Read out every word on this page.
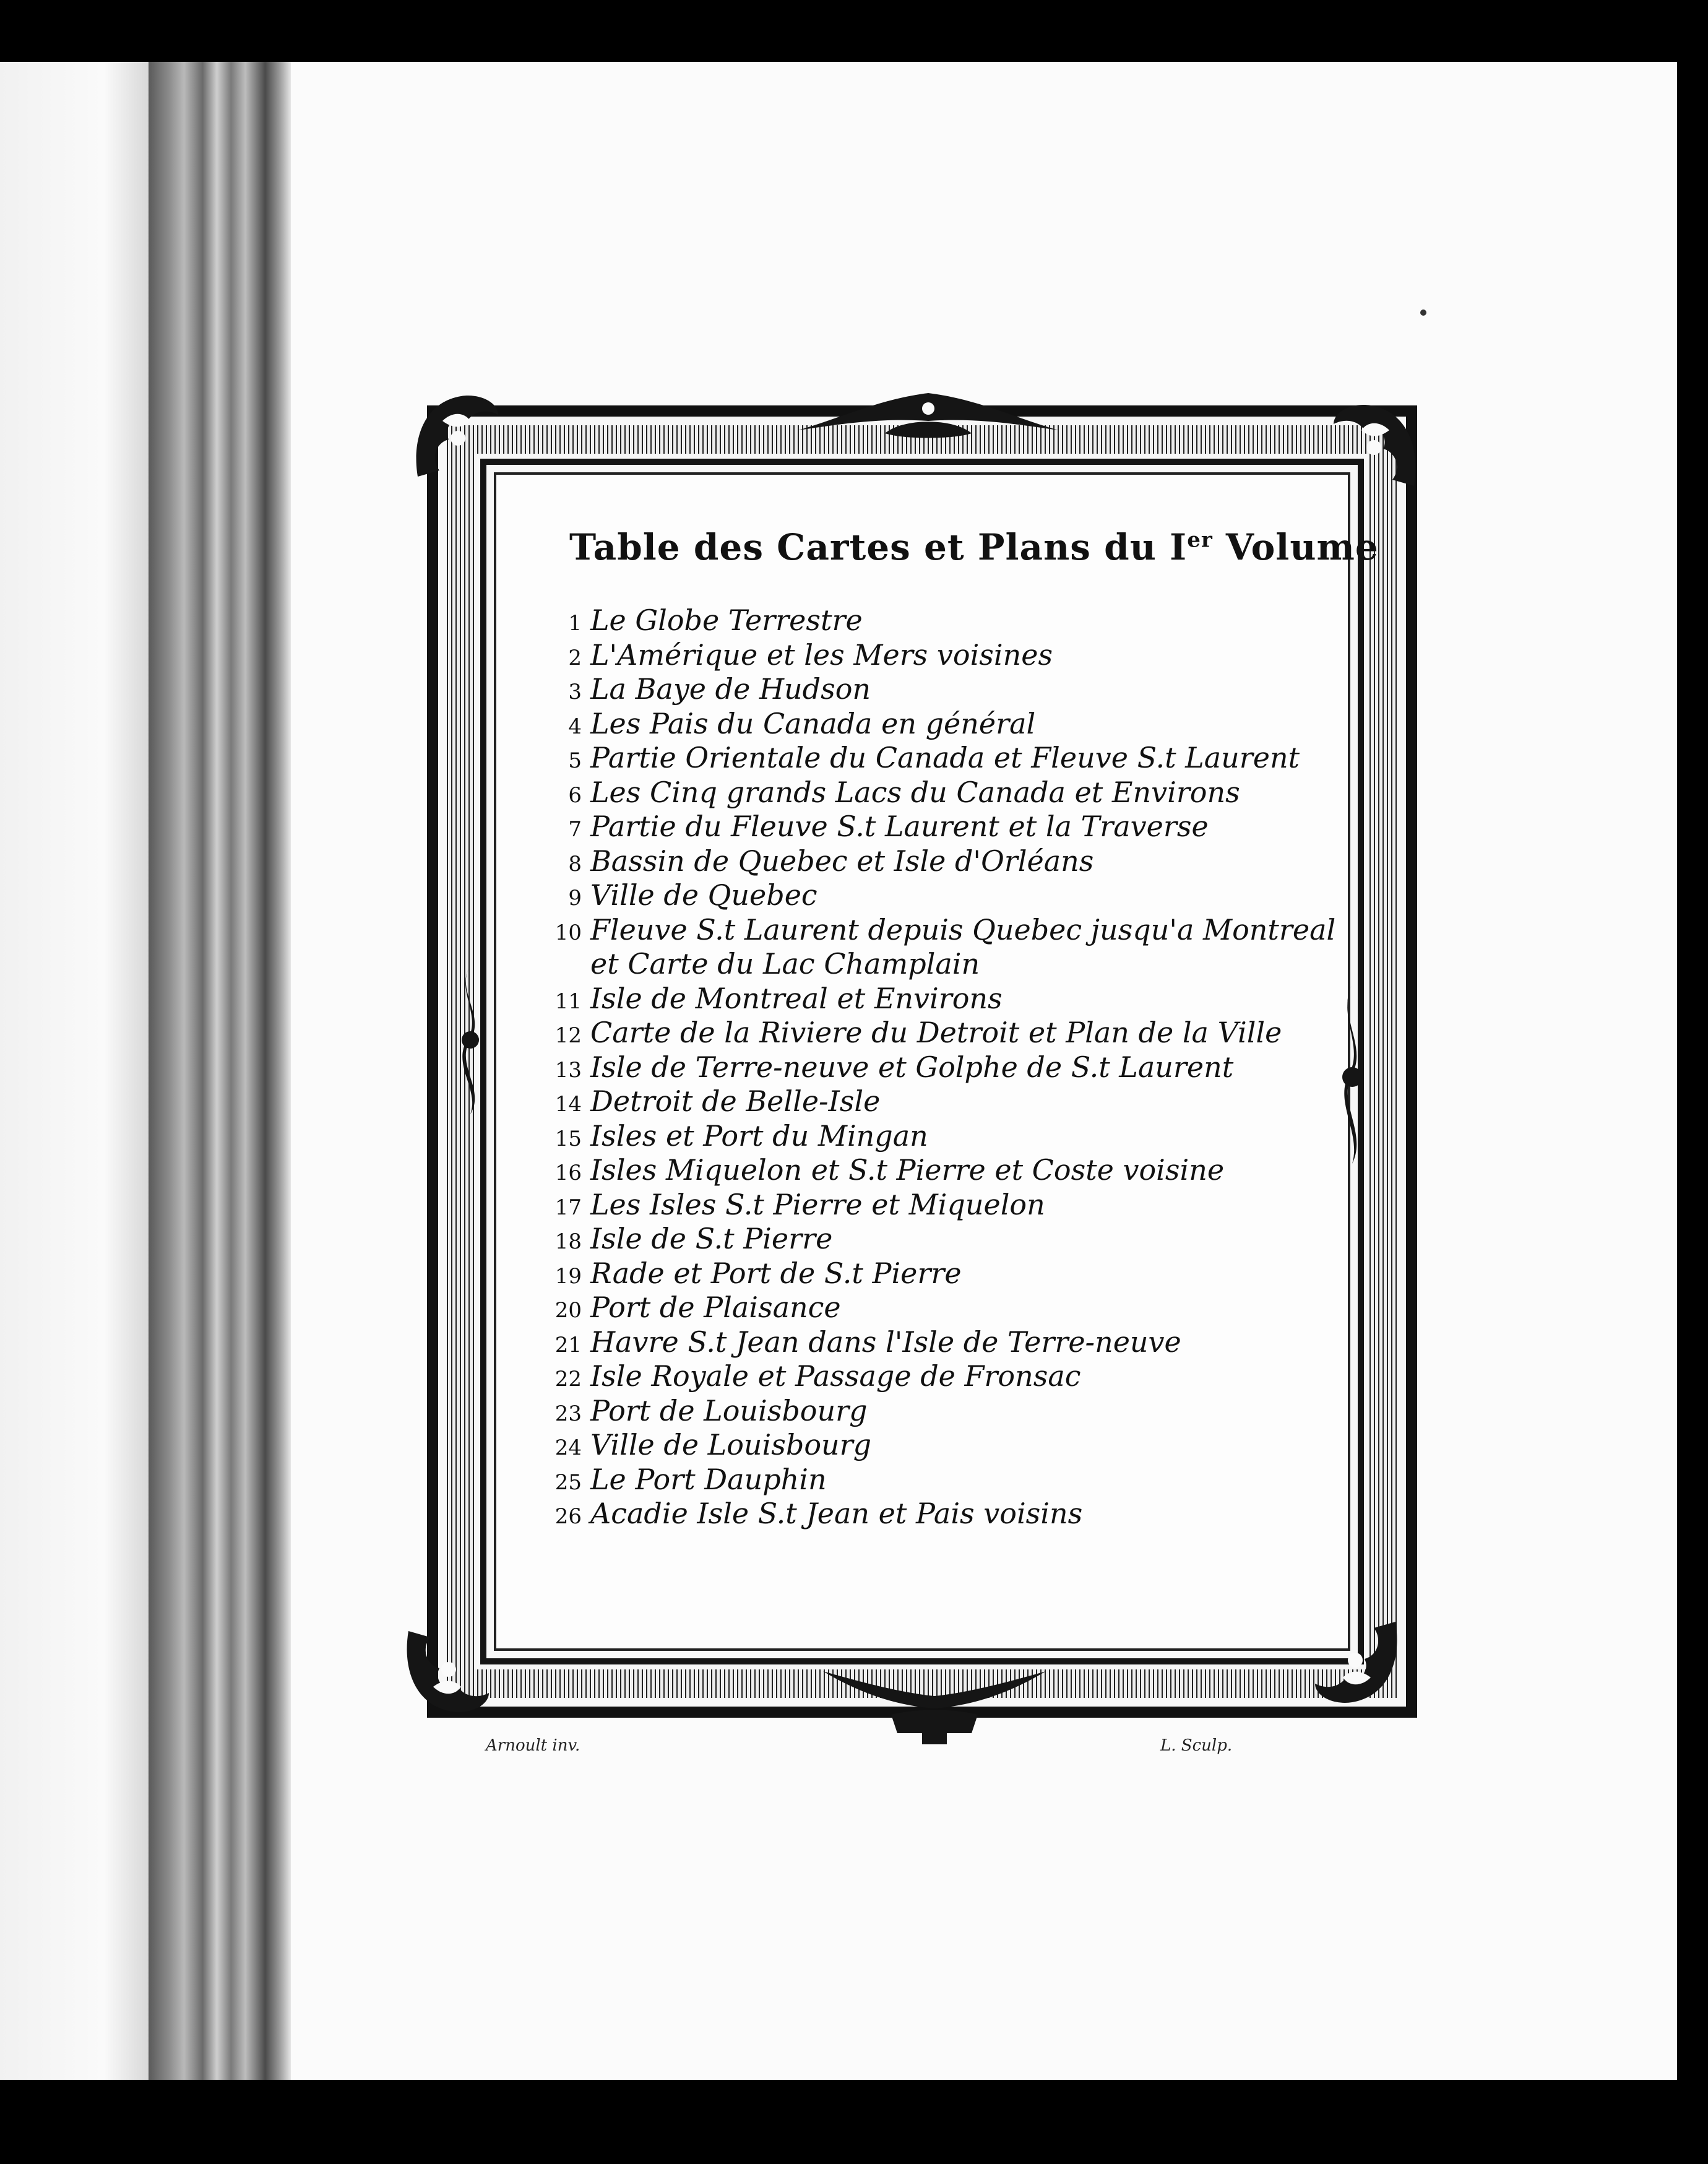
Table des Cartes et Plans du Ier Volume
1 Le Globe Terrestre
2 L'Amérique et les Mers voisines
3 La Baye de Hudson
4 Les Pais du Canada en général
5 Partie Orientale du Canada et Fleuve S.t Laurent
6 Les Cinq grands Lacs du Canada et Environs
7 Partie du Fleuve S.t Laurent et la Traverse
8 Bassin de Quebec et Isle d'Orléans
9 Ville de Quebec
10 Fleuve S.t Laurent depuis Quebec jusqu'a Montreal
et Carte du Lac Champlain
11 Isle de Montreal et Environs
12 Carte de la Riviere du Detroit et Plan de la Ville
13 Isle de Terre-neuve et Golphe de S.t Laurent
14 Detroit de Belle-Isle
15 Isles et Port du Mingan
16 Isles Miquelon et S.t Pierre et Coste voisine
17 Les Isles S.t Pierre et Miquelon
18 Isle de S.t Pierre
19 Rade et Port de S.t Pierre
20 Port de Plaisance
21 Havre S.t Jean dans l'Isle de Terre-neuve
22 Isle Royale et Passage de Fronsac
23 Port de Louisbourg
24 Ville de Louisbourg
25 Le Port Dauphin
26 Acadie Isle S.t Jean et Pais voisins
Arnoult inv.	L. Sculp.
